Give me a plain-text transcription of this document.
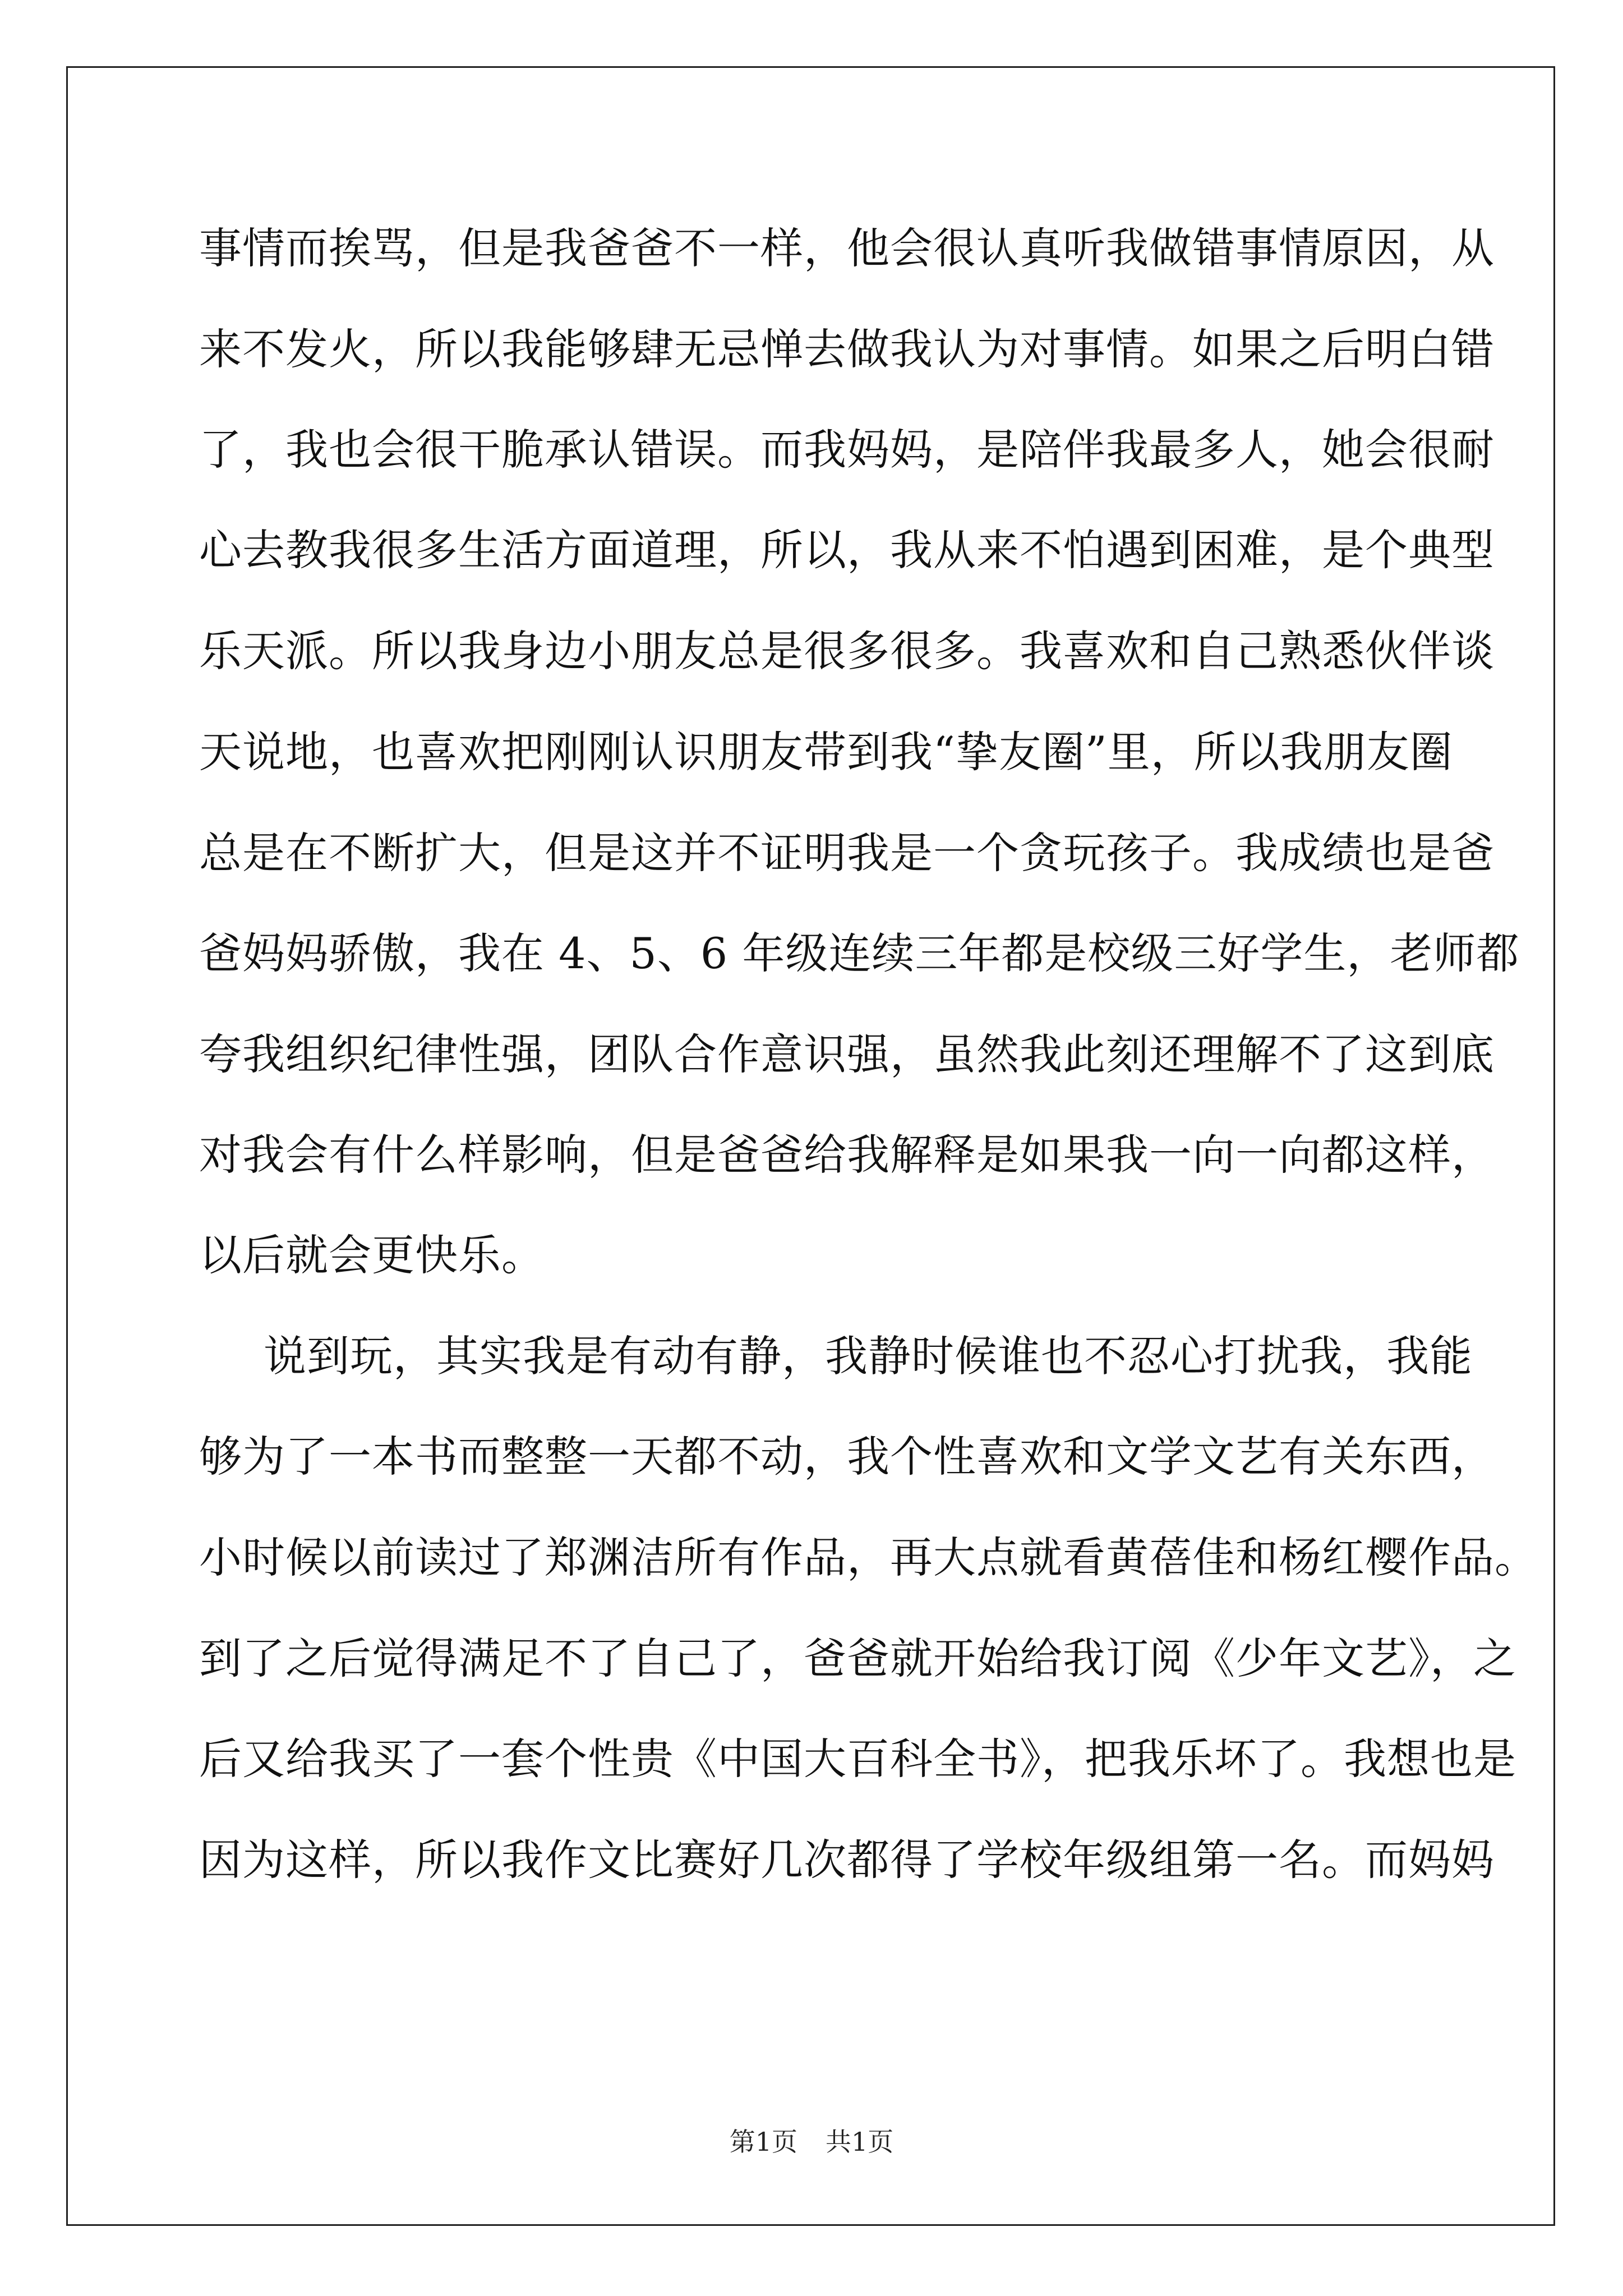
事情而挨骂，但是我爸爸不一样，他会很认真听我做错事情原因，从
来不发火，所以我能够肆无忌惮去做我认为对事情。如果之后明白错
了，我也会很干脆承认错误。而我妈妈，是陪伴我最多人，她会很耐
心去教我很多生活方面道理，所以，我从来不怕遇到困难，是个典型
乐天派。所以我身边小朋友总是很多很多。我喜欢和自己熟悉伙伴谈
天说地，也喜欢把刚刚认识朋友带到我“挚友圈”里，所以我朋友圈
总是在不断扩大，但是这并不证明我是一个贪玩孩子。我成绩也是爸
爸妈妈骄傲，我在 4、5、6 年级连续三年都是校级三好学生，老师都
夸我组织纪律性强，团队合作意识强，虽然我此刻还理解不了这到底
对我会有什么样影响，但是爸爸给我解释是如果我一向一向都这样，
以后就会更快乐。
说到玩，其实我是有动有静，我静时候谁也不忍心打扰我，我能
够为了一本书而整整一天都不动，我个性喜欢和文学文艺有关东西，
小时候以前读过了郑渊洁所有作品，再大点就看黄蓓佳和杨红樱作品。
到了之后觉得满足不了自己了，爸爸就开始给我订阅《少年文艺》，之
后又给我买了一套个性贵《中国大百科全书》，把我乐坏了。我想也是
因为这样，所以我作文比赛好几次都得了学校年级组第一名。而妈妈
第1页 共1页
